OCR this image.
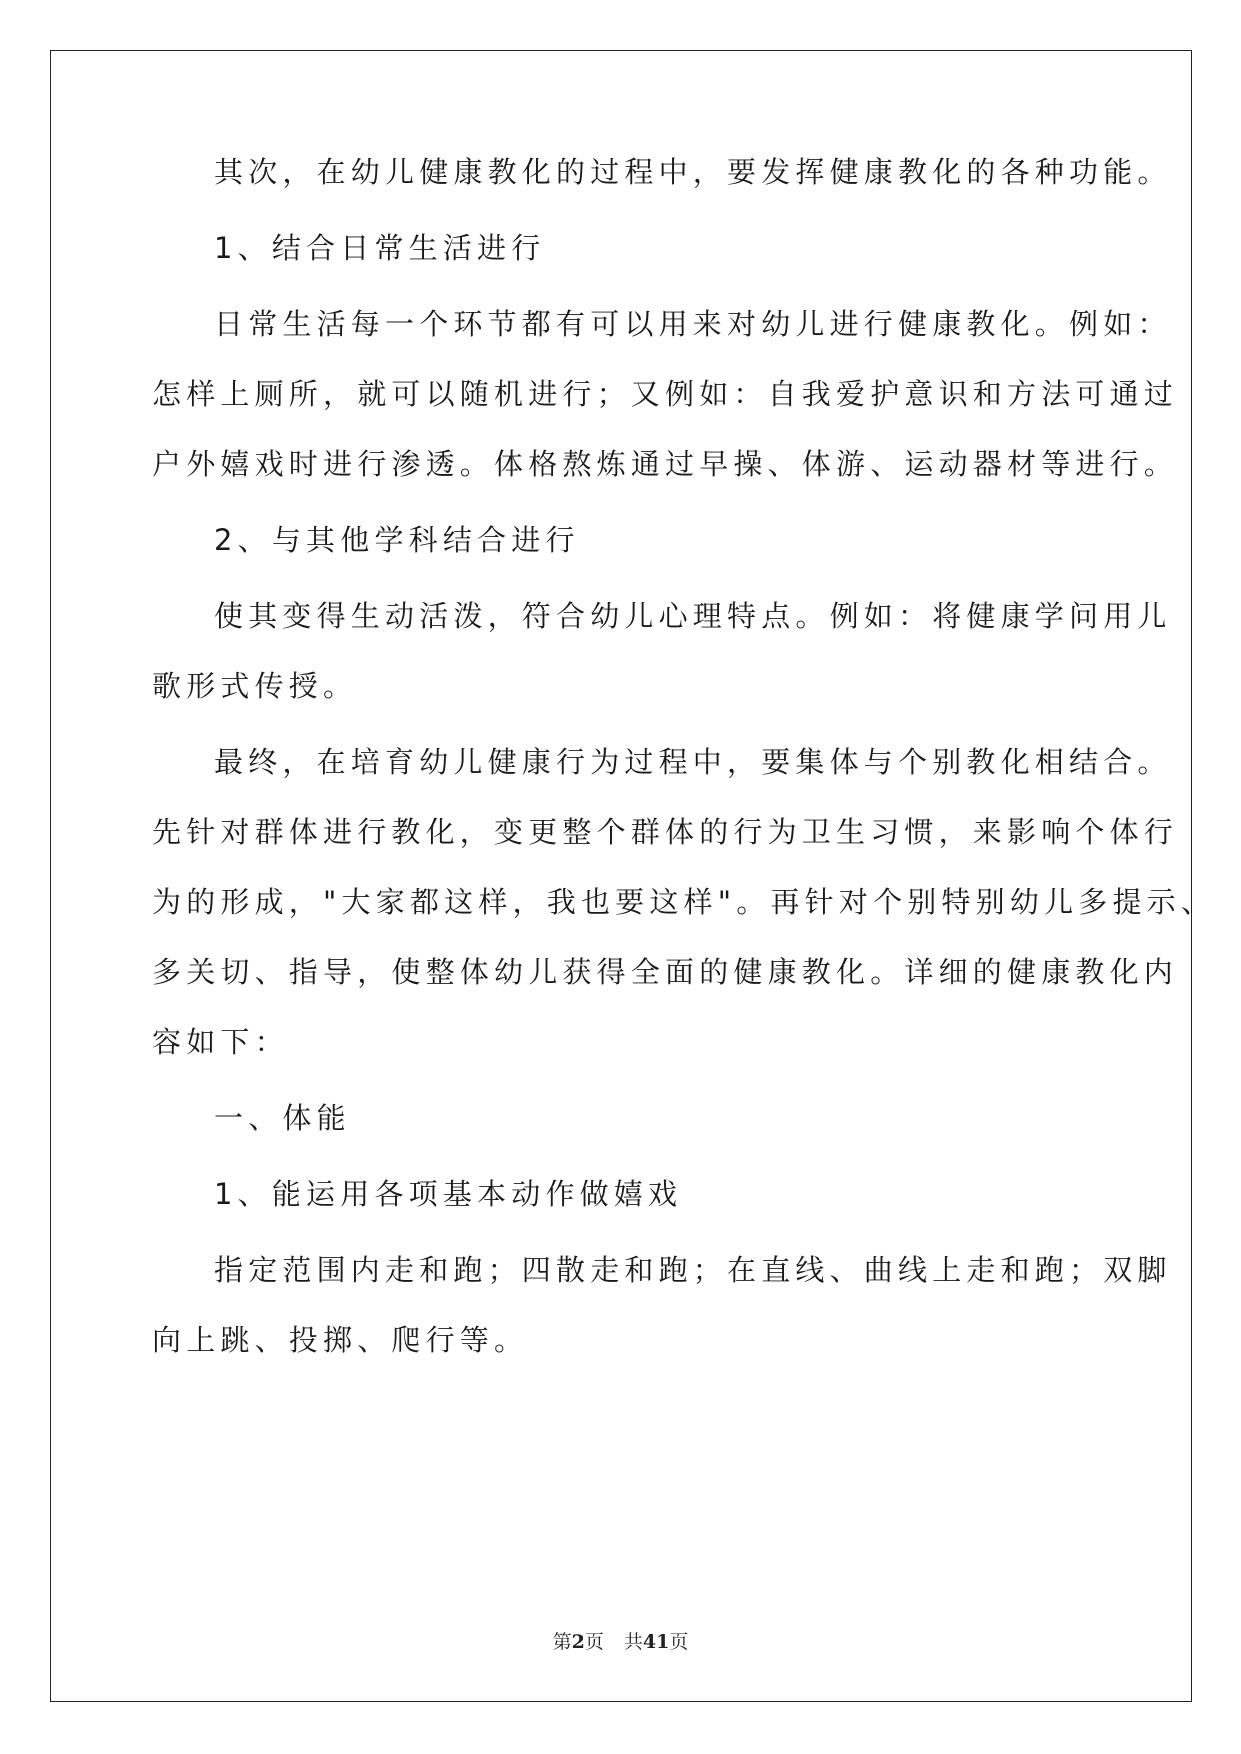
其次，在幼儿健康教化的过程中，要发挥健康教化的各种功能。
1、结合日常生活进行
日常生活每一个环节都有可以用来对幼儿进行健康教化。例如：
怎样上厕所，就可以随机进行；又例如：自我爱护意识和方法可通过
户外嬉戏时进行渗透。体格熬炼通过早操、体游、运动器材等进行。
2、与其他学科结合进行
使其变得生动活泼，符合幼儿心理特点。例如：将健康学问用儿
歌形式传授。
最终，在培育幼儿健康行为过程中，要集体与个别教化相结合。
先针对群体进行教化，变更整个群体的行为卫生习惯，来影响个体行
为的形成，"大家都这样，我也要这样"。再针对个别特别幼儿多提示、
多关切、指导，使整体幼儿获得全面的健康教化。详细的健康教化内
容如下：
一、体能
1、能运用各项基本动作做嬉戏
指定范围内走和跑；四散走和跑；在直线、曲线上走和跑；双脚
向上跳、投掷、爬行等。
第2页 共41页
